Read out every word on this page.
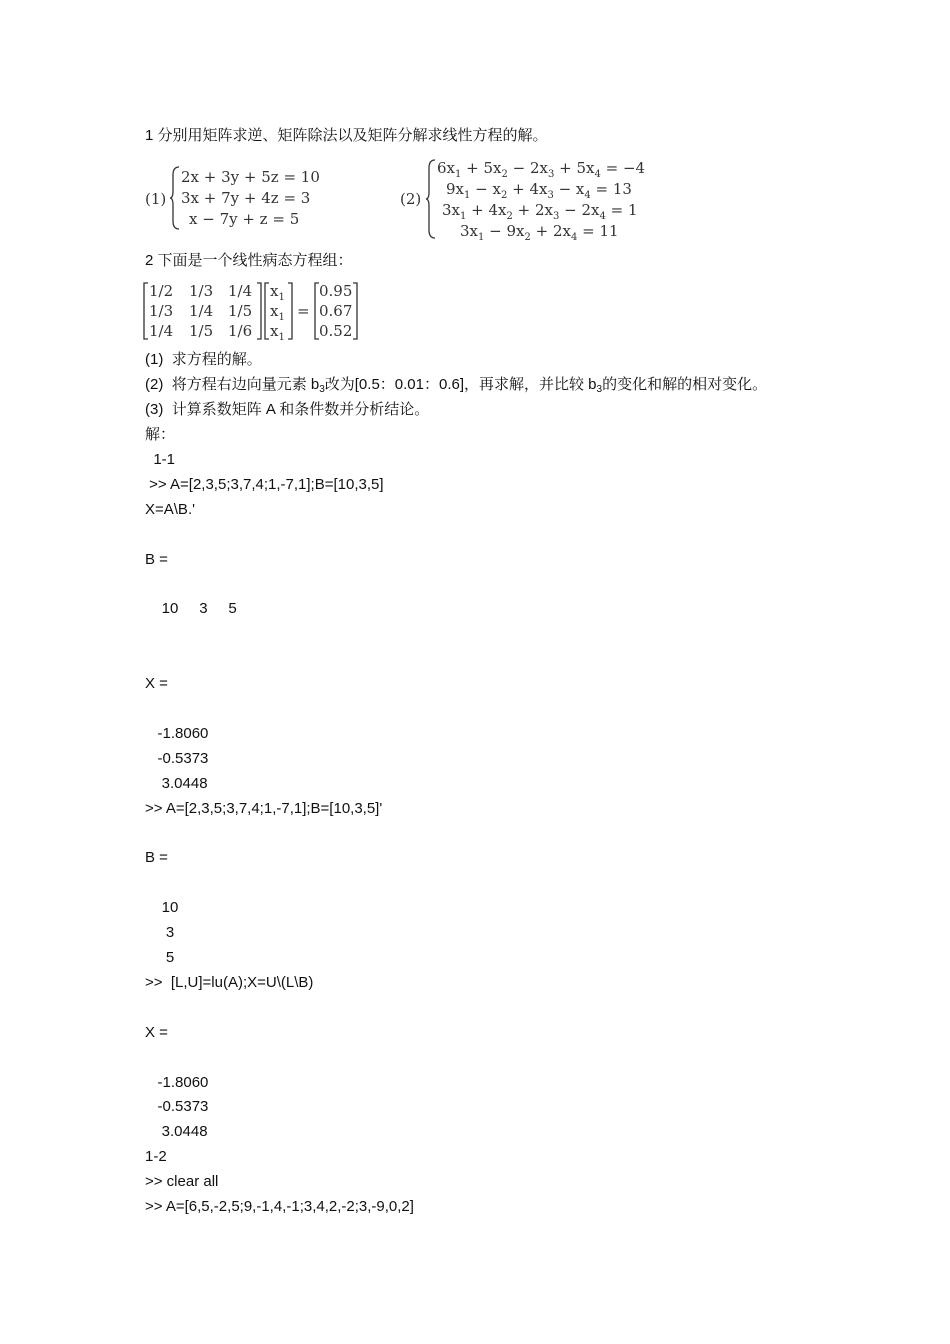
1 分别用矩阵求逆、矩阵除法以及矩阵分解求线性方程的解。
(1)
2x + 3y + 5z = 10
3x + 7y + 4z = 3
x − 7y + z = 5
(2)
$6x_1 + 5x_2 - 2x_3 + 5x_4 = -4$
$9x_1 - x_2 + 4x_3 - x_4 = 13$
$3x_1 + 4x_2 + 2x_3 - 2x_4 = 1$
$3x_1 - 9x_2 + 2x_4 = 11$
2 下面是一个线性病态方程组：
1/2 1/3 1/4
1/3 1/4 1/5
1/4 1/5 1/6
$x_1$
$x_1$
$x_1$
=
0.95
0.67
0.52
(1) 求方程的解。
(2) 将方程右边向量元素 $b_3$改为[0.5：0.01：0.6]，再求解，并比较 $b_3$的变化和解的相对变化。
(3) 计算系数矩阵 A 和条件数并分析结论。
解：
1-1
>> A=[2,3,5;3,7,4;1,-7,1];B=[10,3,5]
X=A\B.'
B =
10     3     5
X =
-1.8060
-0.5373
3.0448
>> A=[2,3,5;3,7,4;1,-7,1];B=[10,3,5]'
B =
10
3
5
>>  [L,U]=lu(A);X=U\(L\B)
X =
-1.8060
-0.5373
3.0448
1-2
>> clear all
>> A=[6,5,-2,5;9,-1,4,-1;3,4,2,-2;3,-9,0,2]
